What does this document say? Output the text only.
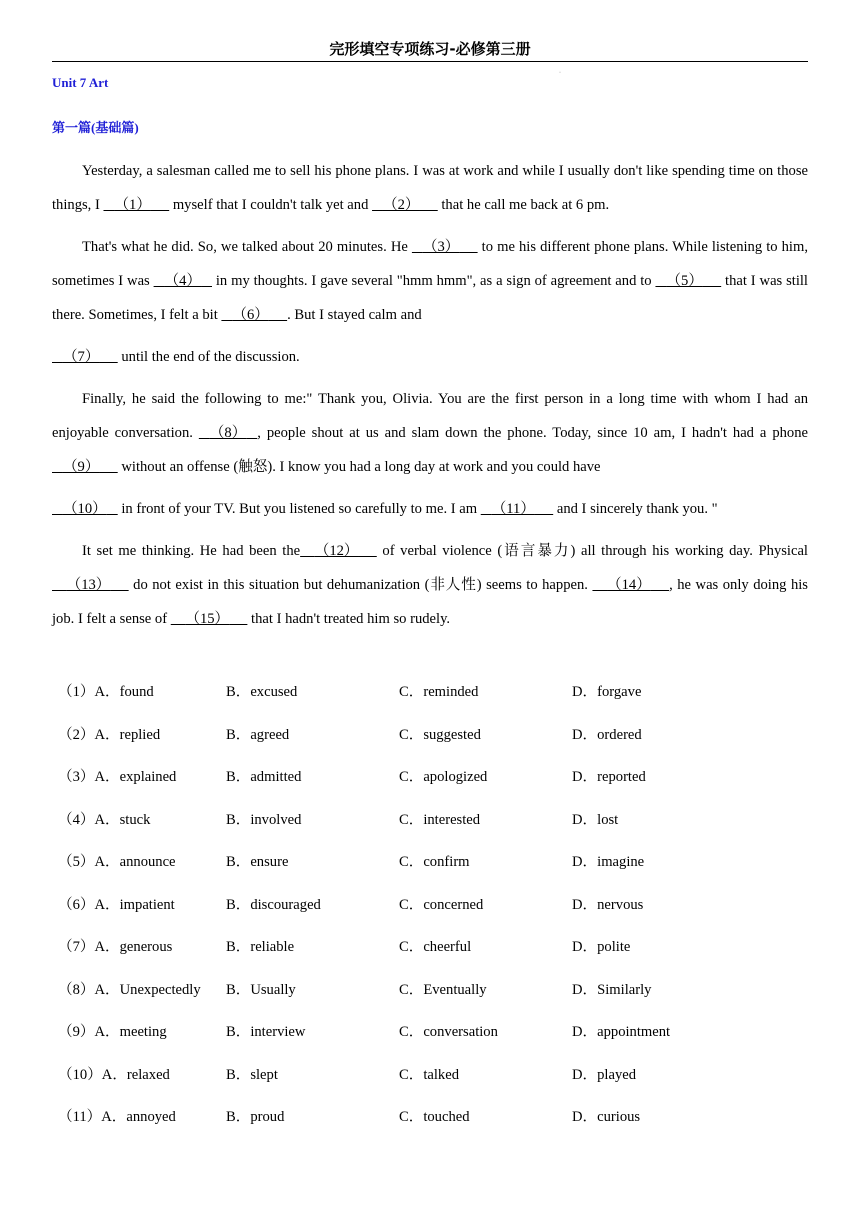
完形填空专项练习-必修第三册
·
Unit 7 Art
第一篇(基础篇)

Yesterday, a salesman called me to sell his phone plans. I was at work and while I usually don't like spending time on those things, I    （1）      myself that I couldn't talk yet and    （2）      that he call me back at 6 pm.

That's what he did. So, we talked about 20 minutes. He    （3）      to me his different phone plans. While listening to him, sometimes I was    （4）    in my thoughts. I gave several "hmm hmm", as a sign of agreement and to    （5）      that I was still there. Sometimes, I felt a bit    （6） . But I stayed calm and

（7）      until the end of the discussion.

Finally, he said the following to me:" Thank you, Olivia. You are the first person in a long time with whom I had an enjoyable conversation.    （8） , people shout at us and slam down the phone. Today, since 10 am, I hadn't had a phone    （9）      without an offense (触怒). I know you had a long day at work and you could have

（10）    in front of your TV. But you listened so carefully to me. I am    （11）      and I sincerely thank you. "

It set me thinking. He had been the （12）      of verbal violence (语言暴力) all through his working day. Physical     （13）      do not exist in this situation but dehumanization (非人性) seems to happen.     （14） , he was only doing his job. I felt a sense of     （15）      that I hadn't treated him so rudely.

（1）A．found	B．excused	C．reminded	D．forgave
（2）A．replied	B．agreed	C．suggested	D．ordered
（3）A．explained	B．admitted	C．apologized	D．reported
（4）A．stuck	B．involved	C．interested	D．lost
（5）A．announce	B．ensure	C．confirm	D．imagine
（6）A．impatient	B．discouraged	C．concerned	D．nervous
（7）A．generous	B．reliable	C．cheerful	D．polite
（8）A．Unexpectedly B．Usually	C．Eventually	D．Similarly
（9）A．meeting	B．interview	C．conversation	D．appointment
（10）A．relaxed	B．slept	C．talked	D．played
（11）A．annoyed	B．proud	C．touched	D．curious
